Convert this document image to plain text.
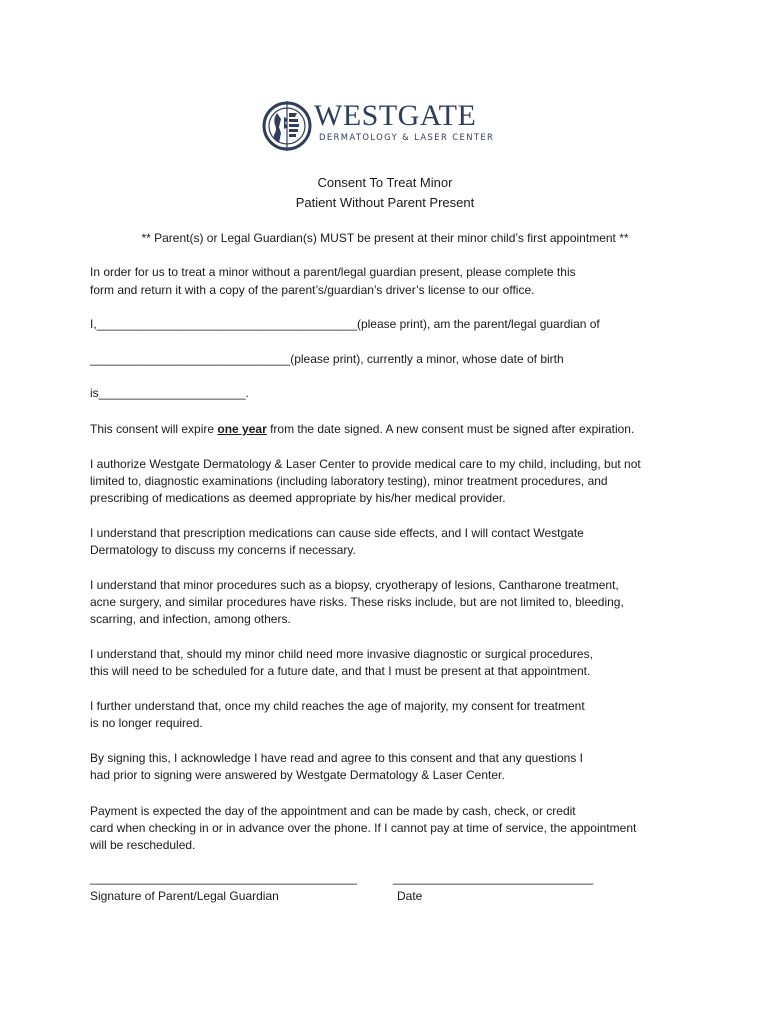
WESTGATE
DERMATOLOGY & LASER CENTER
Consent To Treat Minor
Patient Without Parent Present
** Parent(s) or Legal Guardian(s) MUST be present at their minor child’s first appointment **
In order for us to treat a minor without a parent/legal guardian present, please complete this
form and return it with a copy of the parent’s/guardian’s driver’s license to our office.
I,_______________________________________(please print), am the parent/legal guardian of
______________________________(please print), currently a minor, whose date of birth
is______________________.
This consent will expire one year from the date signed. A new consent must be signed after expiration.
I authorize Westgate Dermatology & Laser Center to provide medical care to my child, including, but not
limited to, diagnostic examinations (including laboratory testing), minor treatment procedures, and
prescribing of medications as deemed appropriate by his/her medical provider.
I understand that prescription medications can cause side effects, and I will contact Westgate
Dermatology to discuss my concerns if necessary.
I understand that minor procedures such as a biopsy, cryotherapy of lesions, Cantharone treatment,
acne surgery, and similar procedures have risks. These risks include, but are not limited to, bleeding,
scarring, and infection, among others.
I understand that, should my minor child need more invasive diagnostic or surgical procedures,
this will need to be scheduled for a future date, and that I must be present at that appointment.
I further understand that, once my child reaches the age of majority, my consent for treatment
is no longer required.
By signing this, I acknowledge I have read and agree to this consent and that any questions I
had prior to signing were answered by Westgate Dermatology & Laser Center.
Payment is expected the day of the appointment and can be made by cash, check, or credit
card when checking in or in advance over the phone. If I cannot pay at time of service, the appointment
will be rescheduled.
________________________________________
Signature of Parent/Legal Guardian
______________________________
Date
